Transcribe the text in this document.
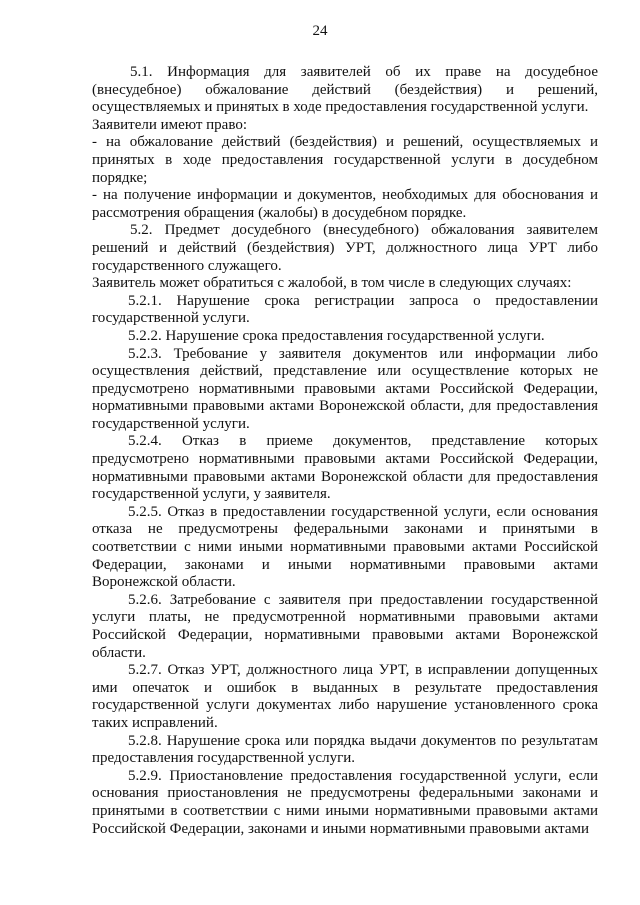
24

5.1. Информация для заявителей об их праве на досудебное (внесудебное) обжалование действий (бездействия) и решений, осуществляемых и принятых в ходе предоставления государственной услуги.

Заявители имеют право:

- на обжалование действий (бездействия) и решений, осуществляемых и принятых в ходе предоставления государственной услуги в досудебном порядке;

- на получение информации и документов, необходимых для обоснования и рассмотрения обращения (жалобы) в досудебном порядке.

5.2. Предмет досудебного (внесудебного) обжалования заявителем решений и действий (бездействия) УРТ, должностного лица УРТ либо государственного служащего.

Заявитель может обратиться с жалобой, в том числе в следующих случаях:

5.2.1. Нарушение срока регистрации запроса о предоставлении государственной услуги.

5.2.2. Нарушение срока предоставления государственной услуги.

5.2.3. Требование у заявителя документов или информации либо осуществления действий, представление или осуществление которых не предусмотрено нормативными правовыми актами Российской Федерации, нормативными правовыми актами Воронежской области, для предоставления государственной услуги.

5.2.4. Отказ в приеме документов, представление которых предусмотрено нормативными правовыми актами Российской Федерации, нормативными правовыми актами Воронежской области для предоставления государственной услуги, у заявителя.

5.2.5. Отказ в предоставлении государственной услуги, если основания отказа не предусмотрены федеральными законами и принятыми в соответствии с ними иными нормативными правовыми актами Российской Федерации, законами и иными нормативными правовыми актами Воронежской области.

5.2.6. Затребование с заявителя при предоставлении государственной услуги платы, не предусмотренной нормативными правовыми актами Российской Федерации, нормативными правовыми актами Воронежской области.

5.2.7. Отказ УРТ, должностного лица УРТ, в исправлении допущенных ими опечаток и ошибок в выданных в результате предоставления государственной услуги документах либо нарушение установленного срока таких исправлений.

5.2.8. Нарушение срока или порядка выдачи документов по результатам предоставления государственной услуги.

5.2.9. Приостановление предоставления государственной услуги, если основания приостановления не предусмотрены федеральными законами и принятыми в соответствии с ними иными нормативными правовыми актами Российской Федерации, законами и иными нормативными правовыми актами
